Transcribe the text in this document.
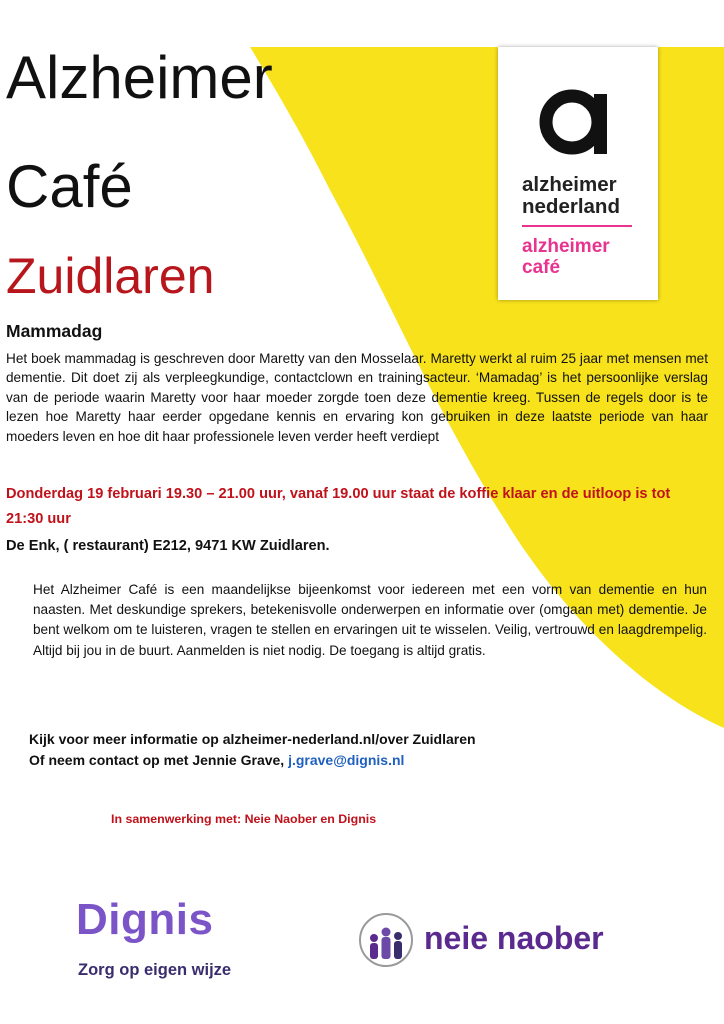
Alzheimer
Café
Zuidlaren
alzheimer
nederland
alzheimer
café
Mammadag

Het boek mammadag is geschreven door Maretty van den Mosselaar. Maretty werkt al ruim 25 jaar met mensen met dementie. Dit doet zij als verpleegkundige, contactclown en trainingsacteur. ‘Mamadag’ is het persoonlijke verslag van de periode waarin Maretty voor haar moeder zorgde toen deze dementie kreeg. Tussen de regels door is te lezen hoe Maretty haar eerder opgedane kennis en ervaring kon gebruiken in deze laatste periode van haar moeders leven en hoe dit haar professionele leven verder heeft verdiept

Donderdag 19 februari 19.30 – 21.00 uur, vanaf 19.00 uur staat de koffie klaar en de uitloop is tot 21:30 uur

De Enk, ( restaurant) E212, 9471 KW Zuidlaren.

Het Alzheimer Café is een maandelijkse bijeenkomst voor iedereen met een vorm van dementie en hun naasten. Met deskundige sprekers, betekenisvolle onderwerpen en informatie over (omgaan met) dementie. Je bent welkom om te luisteren, vragen te stellen en ervaringen uit te wisselen. Veilig, vertrouwd en laagdrempelig. Altijd bij jou in de buurt. Aanmelden is niet nodig. De toegang is altijd gratis.

Kijk voor meer informatie op alzheimer-nederland.nl/over Zuidlaren

Of neem contact op met Jennie Grave, j.grave@dignis.nl

In samenwerking met: Neie Naober en Dignis

Dignis
Zorg op eigen wijze
neie naober
